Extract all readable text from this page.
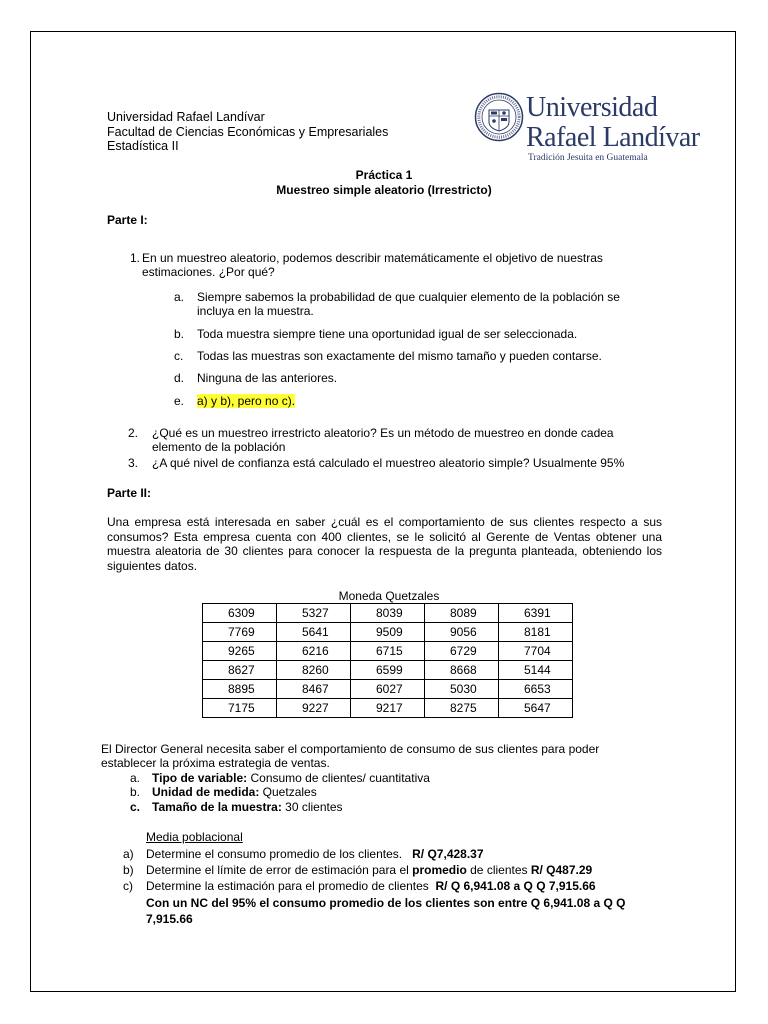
Universidad Rafael Landívar
Facultad de Ciencias Económicas y Empresariales
Estadística II
Universidad
Rafael Landívar
Tradición Jesuita en Guatemala
Práctica 1
Muestreo simple aleatorio (Irrestricto)
Parte I:
1. En un muestreo aleatorio, podemos describir matemáticamente el objetivo de nuestras
estimaciones. ¿Por qué?
a.	Siempre sabemos la probabilidad de que cualquier elemento de la población se
incluya en la muestra.
b.	Toda muestra siempre tiene una oportunidad igual de ser seleccionada.
c.	Todas las muestras son exactamente del mismo tamaño y pueden contarse.
d.	Ninguna de las anteriores.
e.	a) y b), pero no c).
2.	¿Qué es un muestreo irrestricto aleatorio? Es un método de muestreo en donde cadea
elemento de la población
3.	¿A qué nivel de confianza está calculado el muestreo aleatorio simple? Usualmente 95%
Parte II:
Una empresa está interesada en saber ¿cuál es el comportamiento de sus clientes respecto a sus consumos? Esta empresa cuenta con 400 clientes, se le solicitó al Gerente de Ventas obtener una muestra aleatoria de 30 clientes para conocer la respuesta de la pregunta planteada, obteniendo los siguientes datos.
Moneda Quetzales
6309	5327	8039	8089	6391
7769	5641	9509	9056	8181
9265	6216	6715	6729	7704
8627	8260	6599	8668	5144
8895	8467	6027	5030	6653
7175	9227	9217	8275	5647
El Director General necesita saber el comportamiento de consumo de sus clientes para poder
establecer la próxima estrategia de ventas.
a. Tipo de variable: Consumo de clientes/ cuantitativa
b. Unidad de medida: Quetzales
c. Tamaño de la muestra: 30 clientes
Media poblacional
a)	Determine el consumo promedio de los clientes.   R/ Q7,428.37
b)	Determine el límite de error de estimación para el promedio de clientes R/ Q487.29
c)	Determine la estimación para el promedio de clientes  R/ Q 6,941.08 a Q Q 7,915.66
Con un NC del 95% el consumo promedio de los clientes son entre Q 6,941.08 a Q Q
7,915.66
